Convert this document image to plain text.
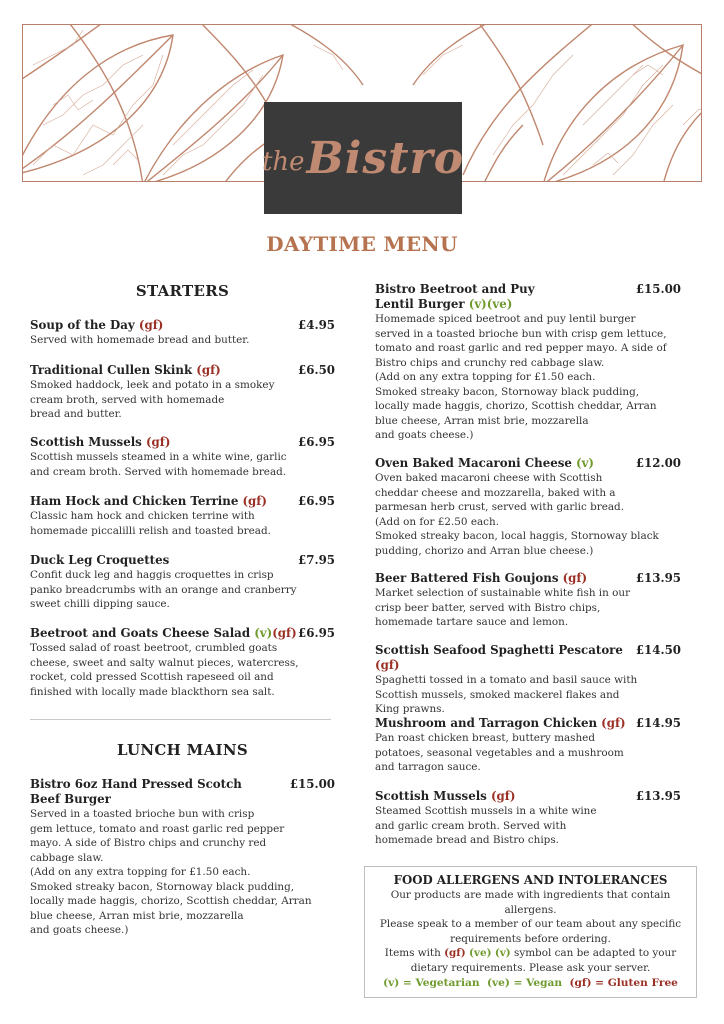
the Bistro
DAYTIME MENU
STARTERS
Soup of the Day (gf)	£4.95
Served with homemade bread and butter.
Traditional Cullen Skink (gf)	£6.50
Smoked haddock, leek and potato in a smokey
cream broth, served with homemade
bread and butter.
Scottish Mussels (gf)	£6.95
Scottish mussels steamed in a white wine, garlic
and cream broth. Served with homemade bread.
Ham Hock and Chicken Terrine (gf)	£6.95
Classic ham hock and chicken terrine with
homemade piccalilli relish and toasted bread.
Duck Leg Croquettes	£7.95
Confit duck leg and haggis croquettes in crisp
panko breadcrumbs with an orange and cranberry
sweet chilli dipping sauce.
Beetroot and Goats Cheese Salad (v)(gf) £6.95
Tossed salad of roast beetroot, crumbled goats
cheese, sweet and salty walnut pieces, watercress,
rocket, cold pressed Scottish rapeseed oil and
finished with locally made blackthorn sea salt.
LUNCH MAINS
Bistro 6oz Hand Pressed Scotch
Beef Burger
£15.00
Served in a toasted brioche bun with crisp
gem lettuce, tomato and roast garlic red pepper
mayo. A side of Bistro chips and crunchy red
cabbage slaw.
(Add on any extra topping for £1.50 each.
Smoked streaky bacon, Stornoway black pudding,
locally made haggis, chorizo, Scottish cheddar, Arran
blue cheese, Arran mist brie, mozzarella
and goats cheese.)
Bistro Beetroot and Puy
Lentil Burger (v)(ve)
£15.00
Homemade spiced beetroot and puy lentil burger
served in a toasted brioche bun with crisp gem lettuce,
tomato and roast garlic and red pepper mayo. A side of
Bistro chips and crunchy red cabbage slaw.
(Add on any extra topping for £1.50 each.
Smoked streaky bacon, Stornoway black pudding,
locally made haggis, chorizo, Scottish cheddar, Arran
blue cheese, Arran mist brie, mozzarella
and goats cheese.)
Oven Baked Macaroni Cheese (v)	£12.00
Oven baked macaroni cheese with Scottish
cheddar cheese and mozzarella, baked with a
parmesan herb crust, served with garlic bread.
(Add on for £2.50 each.
Smoked streaky bacon, local haggis, Stornoway black
pudding, chorizo and Arran blue cheese.)
Beer Battered Fish Goujons (gf)	£13.95
Market selection of sustainable white fish in our
crisp beer batter, served with Bistro chips,
homemade tartare sauce and lemon.
Scottish Seafood Spaghetti Pescatore (gf)
£14.50
Spaghetti tossed in a tomato and basil sauce with
Scottish mussels, smoked mackerel flakes and
King prawns.
Mushroom and Tarragon Chicken (gf) £14.95
Pan roast chicken breast, buttery mashed
potatoes, seasonal vegetables and a mushroom
and tarragon sauce.
Scottish Mussels (gf)	£13.95
Steamed Scottish mussels in a white wine
and garlic cream broth. Served with
homemade bread and Bistro chips.
FOOD ALLERGENS AND INTOLERANCES
Our products are made with ingredients that contain
allergens.
Please speak to a member of our team about any specific
requirements before ordering.
Items with (gf) (ve) (v) symbol can be adapted to your
dietary requirements. Please ask your server.
(v) = Vegetarian (ve) = Vegan (gf) = Gluten Free
